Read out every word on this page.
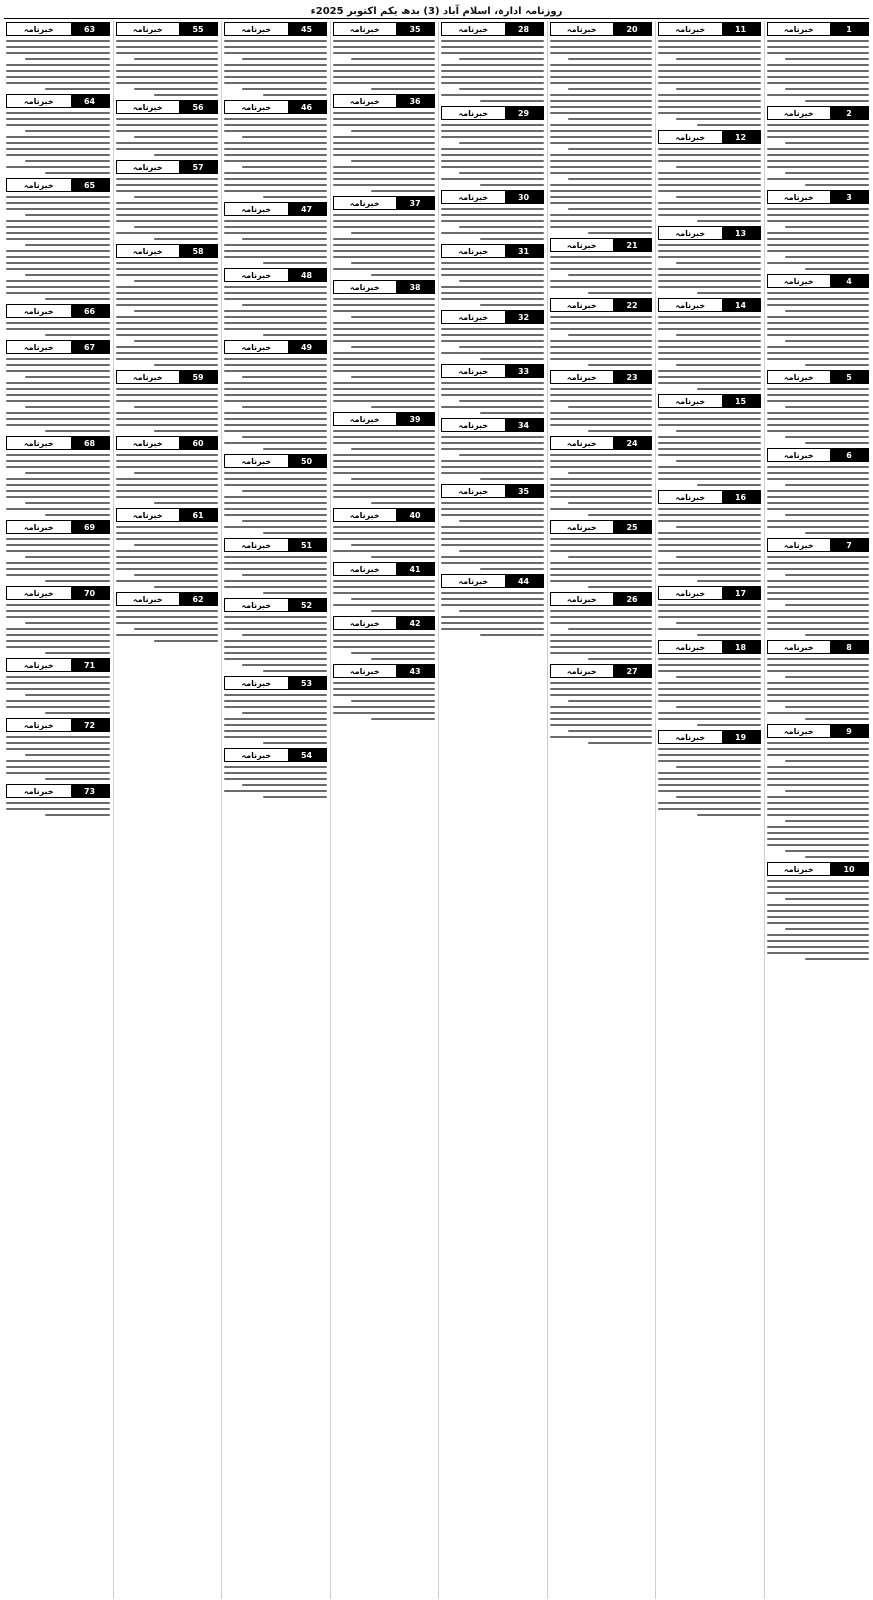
روزنامہ ادارہ، اسلام آباد (3) بدھ یکم اکتوبر 2025ء
1
خبرنامہ
2
خبرنامہ
3
خبرنامہ
4
خبرنامہ
5
خبرنامہ
6
خبرنامہ
7
خبرنامہ
8
خبرنامہ
9
خبرنامہ
10
خبرنامہ
11
خبرنامہ
12
خبرنامہ
13
خبرنامہ
14
خبرنامہ
15
خبرنامہ
16
خبرنامہ
17
خبرنامہ
18
خبرنامہ
19
خبرنامہ
20
خبرنامہ
21
خبرنامہ
22
خبرنامہ
23
خبرنامہ
24
خبرنامہ
25
خبرنامہ
26
خبرنامہ
27
خبرنامہ
28
خبرنامہ
29
خبرنامہ
30
خبرنامہ
31
خبرنامہ
32
خبرنامہ
33
خبرنامہ
34
خبرنامہ
35
خبرنامہ
44
خبرنامہ
35
خبرنامہ
36
خبرنامہ
37
خبرنامہ
38
خبرنامہ
39
خبرنامہ
40
خبرنامہ
41
خبرنامہ
42
خبرنامہ
43
خبرنامہ
45
خبرنامہ
46
خبرنامہ
47
خبرنامہ
48
خبرنامہ
49
خبرنامہ
50
خبرنامہ
51
خبرنامہ
52
خبرنامہ
53
خبرنامہ
54
خبرنامہ
55
خبرنامہ
56
خبرنامہ
57
خبرنامہ
58
خبرنامہ
59
خبرنامہ
60
خبرنامہ
61
خبرنامہ
62
خبرنامہ
63
خبرنامہ
64
خبرنامہ
65
خبرنامہ
66
خبرنامہ
67
خبرنامہ
68
خبرنامہ
69
خبرنامہ
70
خبرنامہ
71
خبرنامہ
72
خبرنامہ
73
خبرنامہ
